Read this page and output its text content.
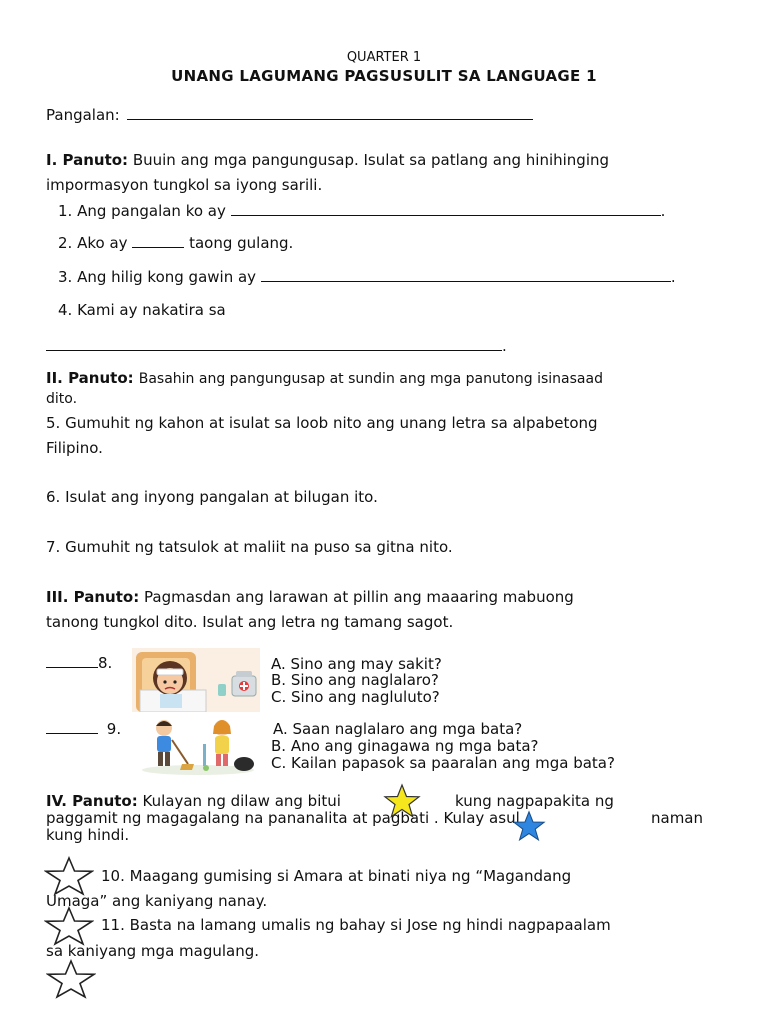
QUARTER 1
UNANG LAGUMANG PAGSUSULIT SA LANGUAGE 1
Pangalan:
I. Panuto: Buuin ang mga pangungusap. Isulat sa patlang ang hinihinging
impormasyon tungkol sa iyong sarili.
1. Ang pangalan ko ay	.
2. Ako ay	taong gulang.
3. Ang hilig kong gawin ay	.
4. Kami ay nakatira sa
.
II. Panuto: Basahin ang pangungusap at sundin ang mga panutong isinasaad
dito.
5. Gumuhit ng kahon at isulat sa loob nito ang unang letra sa alpabetong
Filipino.
6. Isulat ang inyong pangalan at bilugan ito.
7. Gumuhit ng tatsulok at maliit na puso sa gitna nito.
III. Panuto: Pagmasdan ang larawan at pillin ang maaaring mabuong
tanong tungkol dito. Isulat ang letra ng tamang sagot.
8.	A. Sino ang may sakit?
B. Sino ang naglalaro?
C. Sino ang nagluluto?
9.	A. Saan naglalaro ang mga bata?
B. Ano ang ginagawa ng mga bata?
C. Kailan papasok sa paaralan ang mga bata?
IV. Panuto: Kulayan ng dilaw ang bitui	kung nagpapakita ng
paggamit ng magagalang na pananalita at pagbati . Kulay asul	naman
kung hindi.
10. Maagang gumising si Amara at binati niya ng “Magandang
Umaga” ang kaniyang nanay.
11. Basta na lamang umalis ng bahay si Jose ng hindi nagpapaalam
sa kaniyang mga magulang.
